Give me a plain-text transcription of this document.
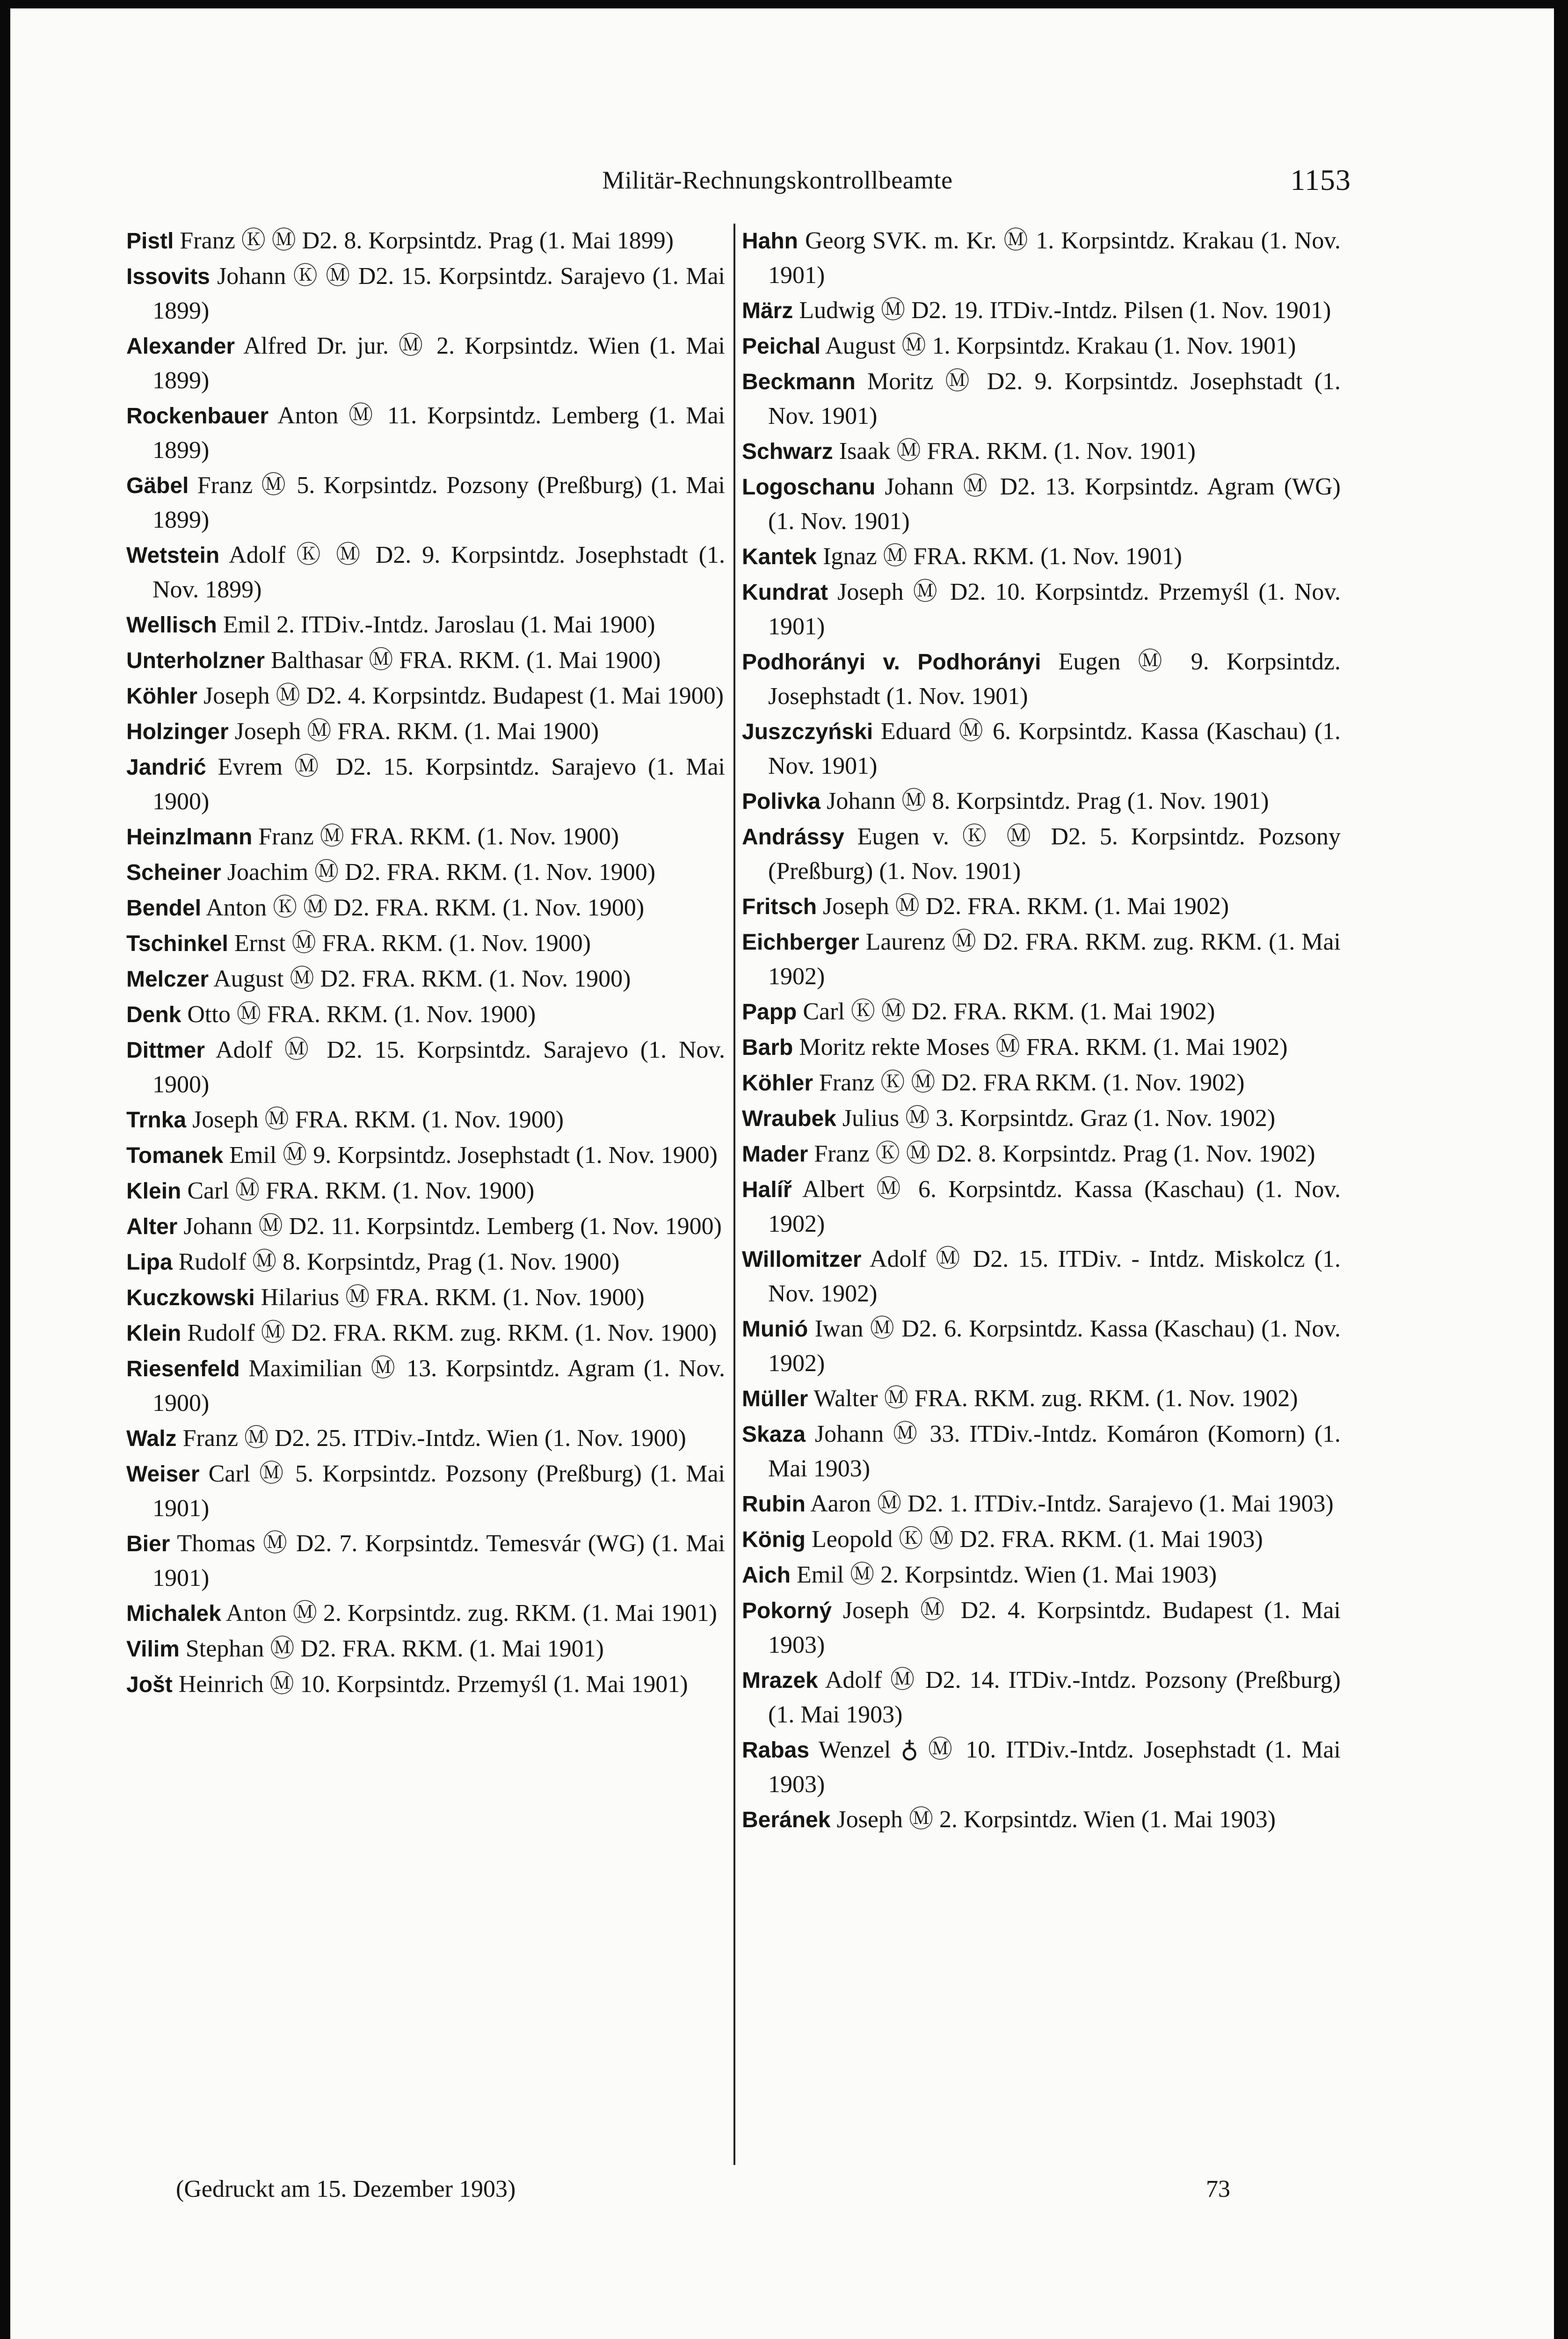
Militär-Rechnungskontrollbeamte	1153

Pistl Franz Ⓚ Ⓜ D2. 8. Korpsintdz. Prag (1. Mai 1899)

Issovits Johann Ⓚ Ⓜ D2. 15. Korpsintdz. Sarajevo (1. Mai 1899)

Alexander Alfred Dr. jur. Ⓜ 2. Korpsintdz. Wien (1. Mai 1899)

Rockenbauer Anton Ⓜ 11. Korpsintdz. Lemberg (1. Mai 1899)

Gäbel Franz Ⓜ 5. Korpsintdz. Pozsony (Preßburg) (1. Mai 1899)

Wetstein Adolf Ⓚ Ⓜ D2. 9. Korpsintdz. Josephstadt (1. Nov. 1899)

Wellisch Emil 2. ITDiv.-Intdz. Jaroslau (1. Mai 1900)

Unterholzner Balthasar Ⓜ FRA. RKM. (1. Mai 1900)

Köhler Joseph Ⓜ D2. 4. Korpsintdz. Budapest (1. Mai 1900)

Holzinger Joseph Ⓜ FRA. RKM. (1. Mai 1900)

Jandrić Evrem Ⓜ D2. 15. Korpsintdz. Sarajevo (1. Mai 1900)

Heinzlmann Franz Ⓜ FRA. RKM. (1. Nov. 1900)

Scheiner Joachim Ⓜ D2. FRA. RKM. (1. Nov. 1900)

Bendel Anton Ⓚ Ⓜ D2. FRA. RKM. (1. Nov. 1900)

Tschinkel Ernst Ⓜ FRA. RKM. (1. Nov. 1900)

Melczer August Ⓜ D2. FRA. RKM. (1. Nov. 1900)

Denk Otto Ⓜ FRA. RKM. (1. Nov. 1900)

Dittmer Adolf Ⓜ D2. 15. Korpsintdz. Sarajevo (1. Nov. 1900)

Trnka Joseph Ⓜ FRA. RKM. (1. Nov. 1900)

Tomanek Emil Ⓜ 9. Korpsintdz. Josephstadt (1. Nov. 1900)

Klein Carl Ⓜ FRA. RKM. (1. Nov. 1900)

Alter Johann Ⓜ D2. 11. Korpsintdz. Lemberg (1. Nov. 1900)

Lipa Rudolf Ⓜ 8. Korpsintdz, Prag (1. Nov. 1900)

Kuczkowski Hilarius Ⓜ FRA. RKM. (1. Nov. 1900)

Klein Rudolf Ⓜ D2. FRA. RKM. zug. RKM. (1. Nov. 1900)

Riesenfeld Maximilian Ⓜ 13. Korpsintdz. Agram (1. Nov. 1900)

Walz Franz Ⓜ D2. 25. ITDiv.-Intdz. Wien (1. Nov. 1900)

Weiser Carl Ⓜ 5. Korpsintdz. Pozsony (Preßburg) (1. Mai 1901)

Bier Thomas Ⓜ D2. 7. Korpsintdz. Temesvár (WG) (1. Mai 1901)

Michalek Anton Ⓜ 2. Korpsintdz. zug. RKM. (1. Mai 1901)

Vilim Stephan Ⓜ D2. FRA. RKM. (1. Mai 1901)

Jošt Heinrich Ⓜ 10. Korpsintdz. Przemyśl (1. Mai 1901)

Hahn Georg SVK. m. Kr. Ⓜ 1. Korpsintdz. Krakau (1. Nov. 1901)

März Ludwig Ⓜ D2. 19. ITDiv.-Intdz. Pilsen (1. Nov. 1901)

Peichal August Ⓜ 1. Korpsintdz. Krakau (1. Nov. 1901)

Beckmann Moritz Ⓜ D2. 9. Korpsintdz. Josephstadt (1. Nov. 1901)

Schwarz Isaak Ⓜ FRA. RKM. (1. Nov. 1901)

Logoschanu Johann Ⓜ D2. 13. Korpsintdz. Agram (WG) (1. Nov. 1901)

Kantek Ignaz Ⓜ FRA. RKM. (1. Nov. 1901)

Kundrat Joseph Ⓜ D2. 10. Korpsintdz. Przemyśl (1. Nov. 1901)

Podhorányi v. Podhorányi Eugen Ⓜ 9. Korpsintdz. Josephstadt (1. Nov. 1901)

Juszczyński Eduard Ⓜ 6. Korpsintdz. Kassa (Kaschau) (1. Nov. 1901)

Polivka Johann Ⓜ 8. Korpsintdz. Prag (1. Nov. 1901)

Andrássy Eugen v. Ⓚ Ⓜ D2. 5. Korpsintdz. Pozsony (Preßburg) (1. Nov. 1901)

Fritsch Joseph Ⓜ D2. FRA. RKM. (1. Mai 1902)

Eichberger Laurenz Ⓜ D2. FRA. RKM. zug. RKM. (1. Mai 1902)

Papp Carl Ⓚ Ⓜ D2. FRA. RKM. (1. Mai 1902)

Barb Moritz rekte Moses Ⓜ FRA. RKM. (1. Mai 1902)

Köhler Franz Ⓚ Ⓜ D2. FRA RKM. (1. Nov. 1902)

Wraubek Julius Ⓜ 3. Korpsintdz. Graz (1. Nov. 1902)

Mader Franz Ⓚ Ⓜ D2. 8. Korpsintdz. Prag (1. Nov. 1902)

Halíř Albert Ⓜ 6. Korpsintdz. Kassa (Kaschau) (1. Nov. 1902)

Willomitzer Adolf Ⓜ D2. 15. ITDiv. - Intdz. Miskolcz (1. Nov. 1902)

Munió Iwan Ⓜ D2. 6. Korpsintdz. Kassa (Kaschau) (1. Nov. 1902)

Müller Walter Ⓜ FRA. RKM. zug. RKM. (1. Nov. 1902)

Skaza Johann Ⓜ 33. ITDiv.-Intdz. Komáron (Komorn) (1. Mai 1903)

Rubin Aaron Ⓜ D2. 1. ITDiv.-Intdz. Sarajevo (1. Mai 1903)

König Leopold Ⓚ Ⓜ D2. FRA. RKM. (1. Mai 1903)

Aich Emil Ⓜ 2. Korpsintdz. Wien (1. Mai 1903)

Pokorný Joseph Ⓜ D2. 4. Korpsintdz. Budapest (1. Mai 1903)

Mrazek Adolf Ⓜ D2. 14. ITDiv.-Intdz. Pozsony (Preßburg) (1. Mai 1903)

Rabas Wenzel ♁ Ⓜ 10. ITDiv.-Intdz. Josephstadt (1. Mai 1903)

Beránek Joseph Ⓜ 2. Korpsintdz. Wien (1. Mai 1903)

(Gedruckt am 15. Dezember 1903)	73
